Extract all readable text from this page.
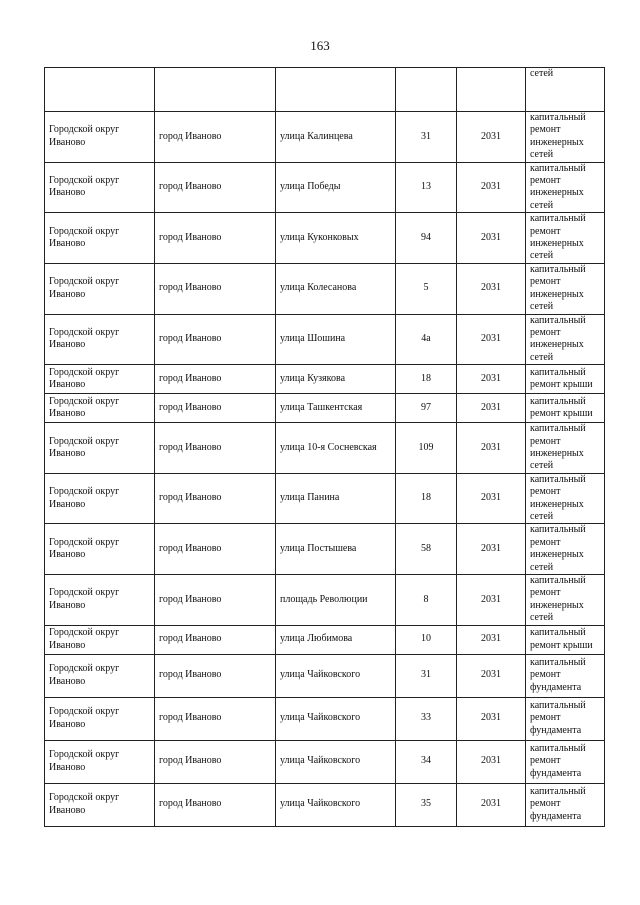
163
					сетей
Городской округ Иваново	город Иваново	улица Калинцева	31	2031	капитальный ремонт инженерных сетей
Городской округ Иваново	город Иваново	улица Победы	13	2031	капитальный ремонт инженерных сетей
Городской округ Иваново	город Иваново	улица Куконковых	94	2031	капитальный ремонт инженерных сетей
Городской округ Иваново	город Иваново	улица Колесанова	5	2031	капитальный ремонт инженерных сетей
Городской округ Иваново	город Иваново	улица Шошина	4а	2031	капитальный ремонт инженерных сетей
Городской округ Иваново	город Иваново	улица Кузякова	18	2031	капитальный ремонт крыши
Городской округ Иваново	город Иваново	улица Ташкентская	97	2031	капитальный ремонт крыши
Городской округ Иваново	город Иваново	улица 10-я Сосневская	109	2031	капитальный ремонт инженерных сетей
Городской округ Иваново	город Иваново	улица Панина	18	2031	капитальный ремонт инженерных сетей
Городской округ Иваново	город Иваново	улица Постышева	58	2031	капитальный ремонт инженерных сетей
Городской округ Иваново	город Иваново	площадь Революции	8	2031	капитальный ремонт инженерных сетей
Городской округ Иваново	город Иваново	улица Любимова	10	2031	капитальный ремонт крыши
Городской округ Иваново	город Иваново	улица Чайковского	31	2031	капитальный ремонт фундамента
Городской округ Иваново	город Иваново	улица Чайковского	33	2031	капитальный ремонт фундамента
Городской округ Иваново	город Иваново	улица Чайковского	34	2031	капитальный ремонт фундамента
Городской округ Иваново	город Иваново	улица Чайковского	35	2031	капитальный ремонт фундамента
